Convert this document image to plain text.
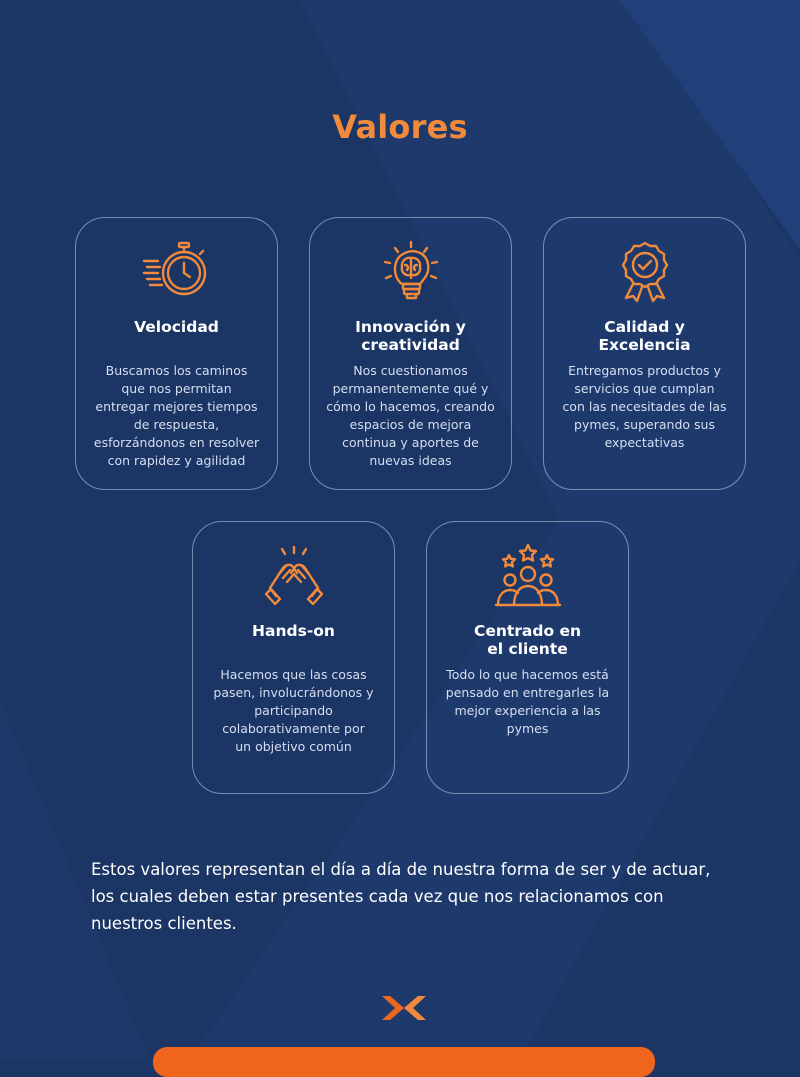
Valores
Velocidad

Buscamos los caminos
que nos permitan
entregar mejores tiempos
de respuesta,
esforzándonos en resolver
con rapidez y agilidad

Innovación y
creatividad

Nos cuestionamos
permanentemente qué y
cómo lo hacemos, creando
espacios de mejora
continua y aportes de
nuevas ideas

Calidad y
Excelencia

Entregamos productos y
servicios que cumplan
con las necesitades de las
pymes, superando sus
expectativas

Hands-on

Hacemos que las cosas
pasen, involucrándonos y
participando
colaborativamente por
un objetivo común

Centrado en
el cliente

Todo lo que hacemos está
pensado en entregarles la
mejor experiencia a las
pymes

Estos valores representan el día a día de nuestra forma de ser y de actuar,
los cuales deben estar presentes cada vez que nos relacionamos con
nuestros clientes.
